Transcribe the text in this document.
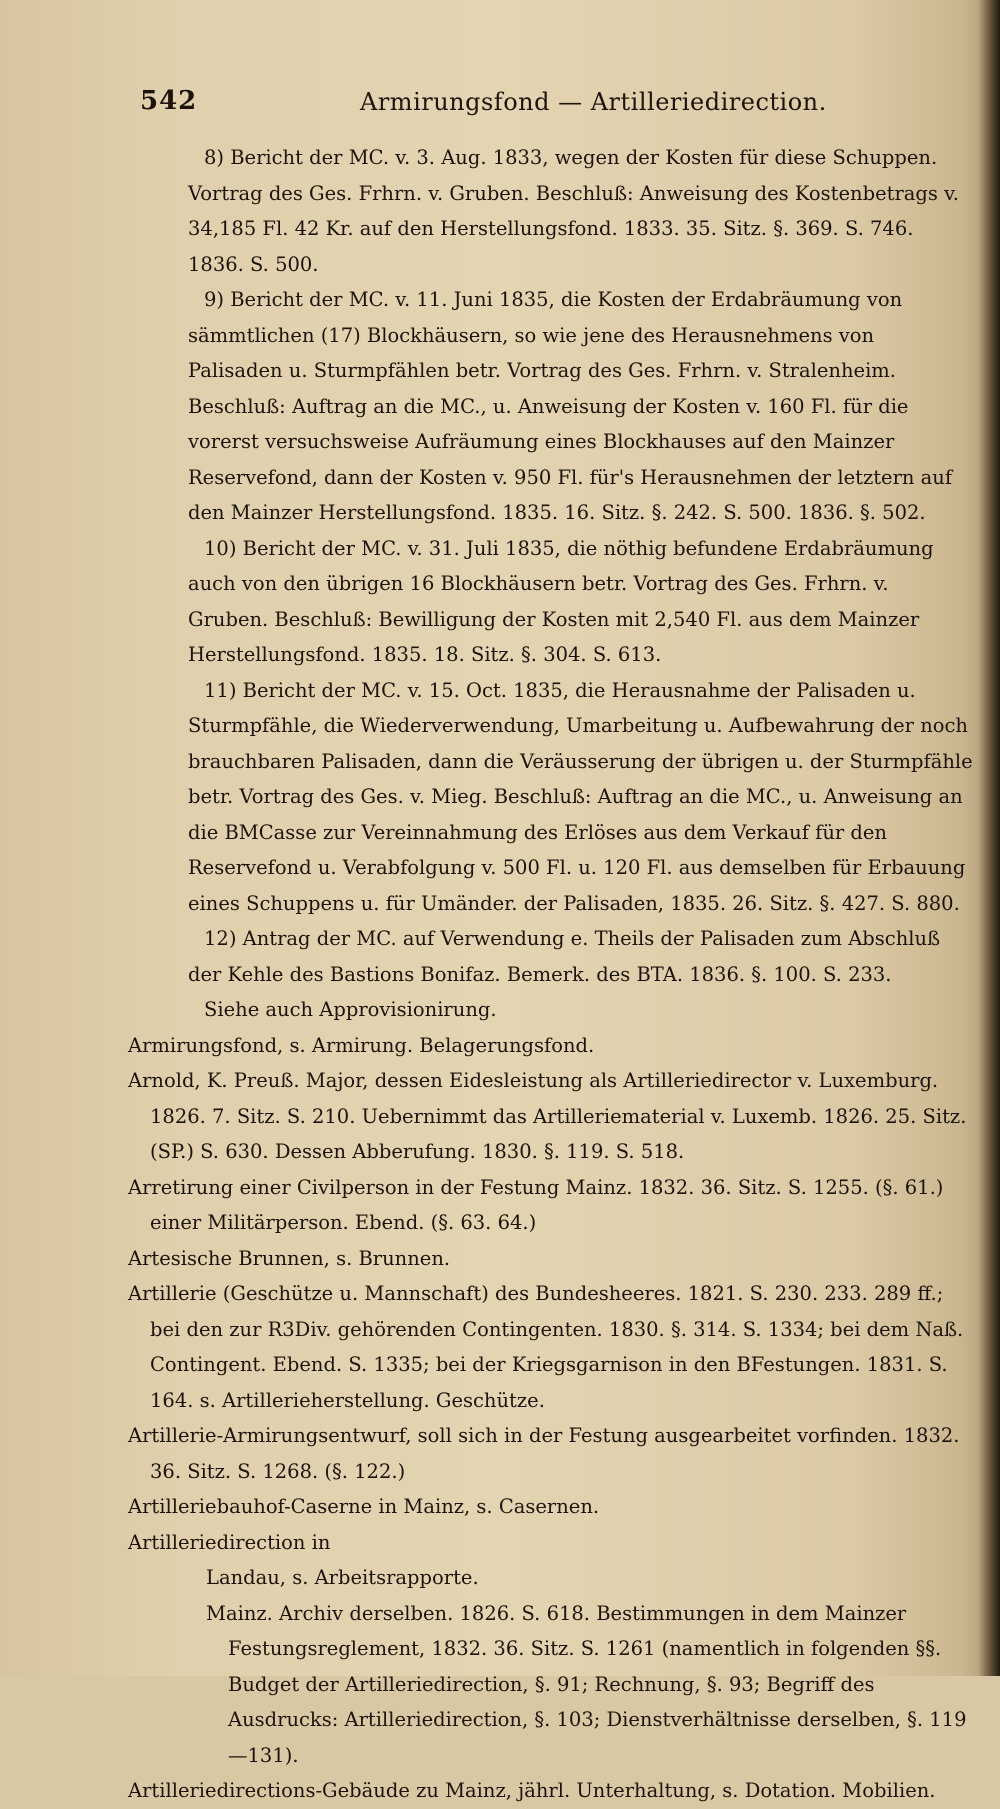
542	Armirungsfond — Artilleriedirection.

8) Bericht der MC. v. 3. Aug. 1833, wegen der Kosten für diese Schuppen. Vortrag des Ges. Frhrn. v. Gruben. Beschluß: Anweisung des Kostenbetrags v. 34,185 Fl. 42 Kr. auf den Herstellungsfond. 1833. 35. Sitz. §. 369. S. 746. 1836. S. 500.

9) Bericht der MC. v. 11. Juni 1835, die Kosten der Erdabräumung von sämmtlichen (17) Blockhäusern, so wie jene des Herausnehmens von Palisaden u. Sturmpfählen betr. Vortrag des Ges. Frhrn. v. Stralenheim. Beschluß: Auftrag an die MC., u. Anweisung der Kosten v. 160 Fl. für die vorerst versuchsweise Aufräumung eines Blockhauses auf den Mainzer Reservefond, dann der Kosten v. 950 Fl. für's Herausnehmen der letztern auf den Mainzer Herstellungsfond. 1835. 16. Sitz. §. 242. S. 500. 1836. §. 502.

10) Bericht der MC. v. 31. Juli 1835, die nöthig befundene Erdabräumung auch von den übrigen 16 Blockhäusern betr. Vortrag des Ges. Frhrn. v. Gruben. Beschluß: Bewilligung der Kosten mit 2,540 Fl. aus dem Mainzer Herstellungsfond. 1835. 18. Sitz. §. 304. S. 613.

11) Bericht der MC. v. 15. Oct. 1835, die Herausnahme der Palisaden u. Sturmpfähle, die Wiederverwendung, Umarbeitung u. Aufbewahrung der noch brauchbaren Palisaden, dann die Veräusserung der übrigen u. der Sturmpfähle betr. Vortrag des Ges. v. Mieg. Beschluß: Auftrag an die MC., u. Anweisung an die BMCasse zur Vereinnahmung des Erlöses aus dem Verkauf für den Reservefond u. Verabfolgung v. 500 Fl. u. 120 Fl. aus demselben für Erbauung eines Schuppens u. für Umänder. der Palisaden, 1835. 26. Sitz. §. 427. S. 880.

12) Antrag der MC. auf Verwendung e. Theils der Palisaden zum Abschluß der Kehle des Bastions Bonifaz. Bemerk. des BTA. 1836. §. 100. S. 233.

Siehe auch Approvisionirung.

Armirungsfond, s. Armirung. Belagerungsfond.

Arnold, K. Preuß. Major, dessen Eidesleistung als Artilleriedirector v. Luxemburg. 1826. 7. Sitz. S. 210. Uebernimmt das Artilleriematerial v. Luxemb. 1826. 25. Sitz. (SP.) S. 630. Dessen Abberufung. 1830. §. 119. S. 518.

Arretirung einer Civilperson in der Festung Mainz. 1832. 36. Sitz. S. 1255. (§. 61.) einer Militärperson. Ebend. (§. 63. 64.)

Artesische Brunnen, s. Brunnen.

Artillerie (Geschütze u. Mannschaft) des Bundesheeres. 1821. S. 230. 233. 289 ff.; bei den zur R3Div. gehörenden Contingenten. 1830. §. 314. S. 1334; bei dem Naß. Contingent. Ebend. S. 1335; bei der Kriegsgarnison in den BFestungen. 1831. S. 164. s. Artillerieherstellung. Geschütze.

Artillerie-Armirungsentwurf, soll sich in der Festung ausgearbeitet vorfinden. 1832. 36. Sitz. S. 1268. (§. 122.)

Artilleriebauhof-Caserne in Mainz, s. Casernen.

Artilleriedirection in

Landau, s. Arbeitsrapporte.

Mainz. Archiv derselben. 1826. S. 618. Bestimmungen in dem Mainzer Festungsreglement, 1832. 36. Sitz. S. 1261 (namentlich in folgenden §§. Budget der Artilleriedirection, §. 91; Rechnung, §. 93; Begriff des Ausdrucks: Artilleriedirection, §. 103; Dienstverhältnisse derselben, §. 119—131).

Artilleriedirections-Gebäude zu Mainz, jährl. Unterhaltung, s. Dotation. Mobilien.
